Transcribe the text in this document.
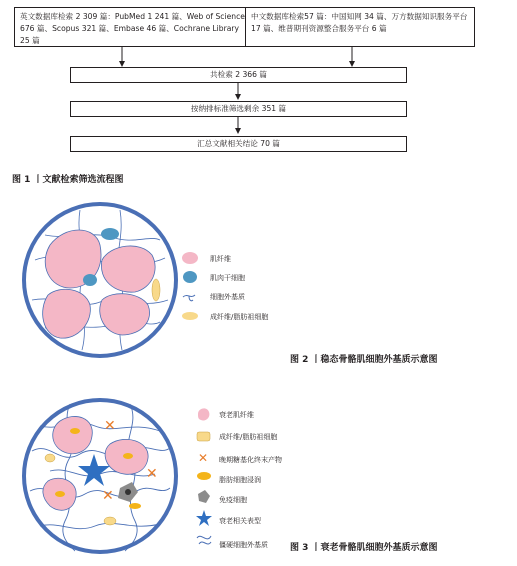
英文数据库检索 2 309 篇：PubMed 1 241 篇、Web of Science 676 篇、Scopus 321 篇、Embase 46 篇、Cochrane Library 25 篇
中文数据库检索57 篇：中国知网 34 篇、万方数据知识服务平台 17 篇、维普期刊资源整合服务平台 6 篇
共检索 2 366 篇
按纳排标准筛选剩余 351 篇
汇总文献相关结论 70 篇
图 1 丨文献检索筛选流程图
肌纤维
肌肉干细胞
细胞外基质
成纤维/脂肪祖细胞
图 2 丨稳态骨骼肌细胞外基质示意图
✕
✕
✕
✕
衰老肌纤维
成纤维/脂肪祖细胞
晚期糖基化终末产物
脂肪细胞浸润
免疫细胞
衰老相关表型
僵硬细胞外基质 图 3 丨衰老骨骼肌细胞外基质示意图
